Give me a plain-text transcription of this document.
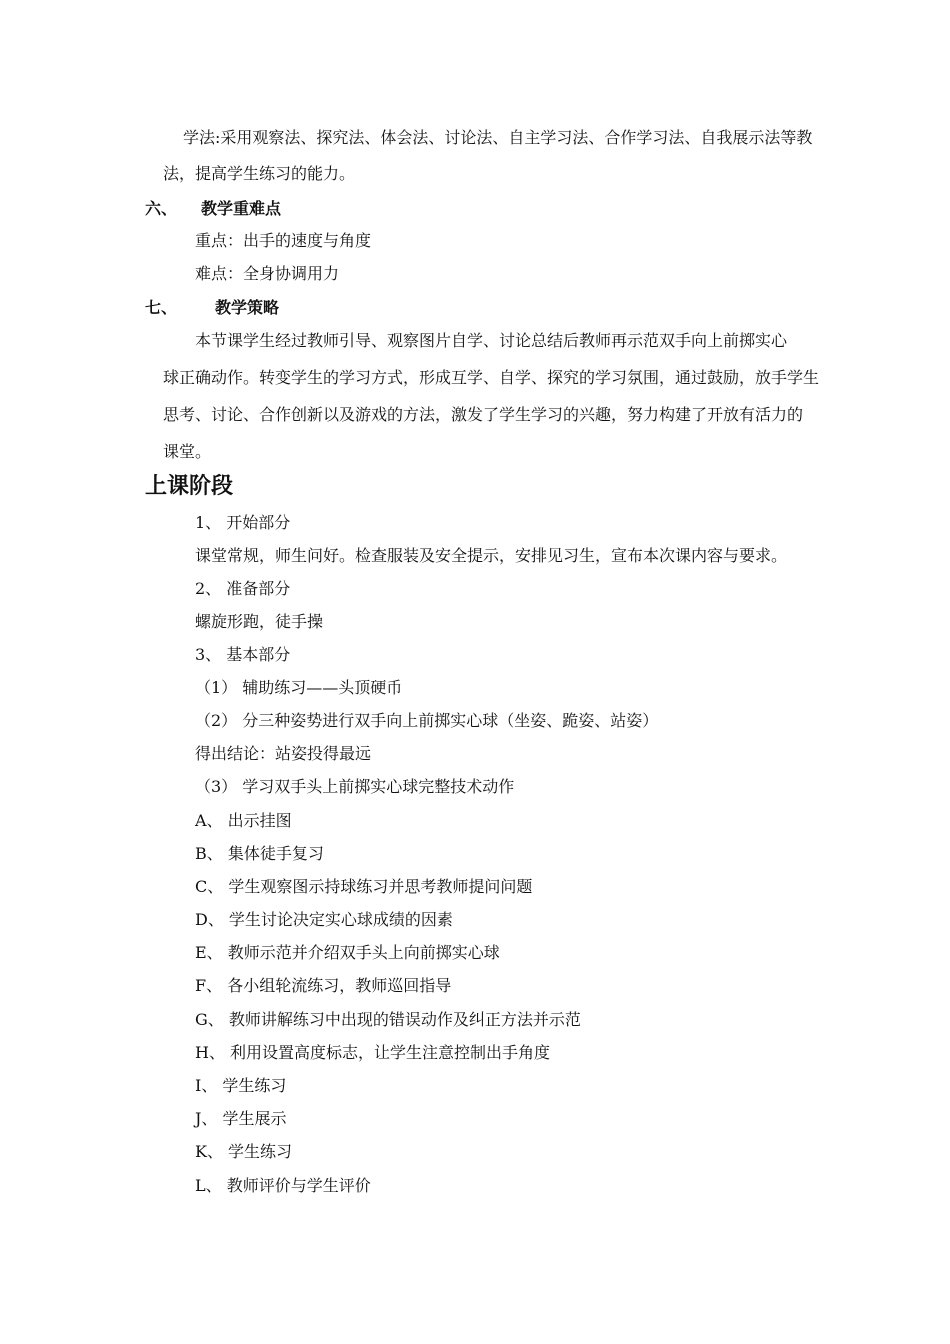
学法:采用观察法、探究法、体会法、讨论法、自主学习法、合作学习法、自我展示法等教
法，提高学生练习的能力。
六、 教学重难点
重点：出手的速度与角度
难点：全身协调用力
七、 教学策略
本节课学生经过教师引导、观察图片自学、讨论总结后教师再示范双手向上前掷实心
球正确动作。转变学生的学习方式，形成互学、自学、探究的学习氛围，通过鼓励，放手学生
思考、讨论、合作创新以及游戏的方法，激发了学生学习的兴趣，努力构建了开放有活力的
课堂。
上课阶段
1、 开始部分
课堂常规，师生问好。检查服装及安全提示，安排见习生，宣布本次课内容与要求。
2、 准备部分
螺旋形跑，徒手操
3、 基本部分
（1） 辅助练习——头顶硬币
（2） 分三种姿势进行双手向上前掷实心球（坐姿、跪姿、站姿）
得出结论：站姿投得最远
（3） 学习双手头上前掷实心球完整技术动作
A、 出示挂图
B、 集体徒手复习
C、 学生观察图示持球练习并思考教师提问问题
D、 学生讨论决定实心球成绩的因素
E、 教师示范并介绍双手头上向前掷实心球
F、 各小组轮流练习，教师巡回指导
G、 教师讲解练习中出现的错误动作及纠正方法并示范
H、 利用设置高度标志，让学生注意控制出手角度
I、 学生练习
J、 学生展示
K、 学生练习
L、 教师评价与学生评价
